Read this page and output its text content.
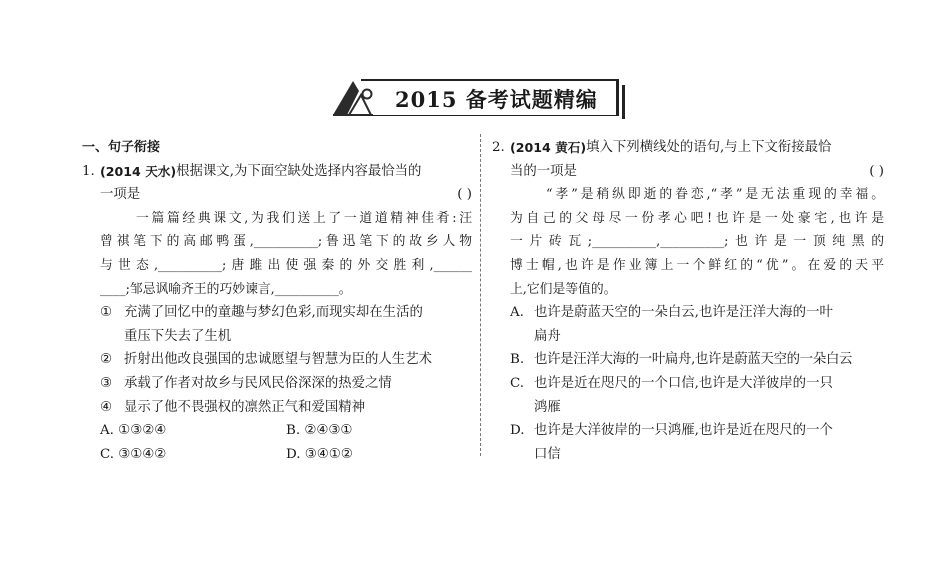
2015 备考试题精编
一、句子衔接
1. (2014 天水) 根据课文,为下面空缺处选择内容最恰当的
一项是	( )
一篇篇经典课文,为我们送上了一道道精神佳肴:汪
曾祺笔下的高邮鸭蛋,__________;鲁迅笔下的故乡人物
与世态,__________;唐雎出使强秦的外交胜利,______
____;邹忌讽喻齐王的巧妙谏言,__________。
① 充满了回忆中的童趣与梦幻色彩,而现实却在生活的
重压下失去了生机
② 折射出他改良强国的忠诚愿望与智慧为臣的人生艺术
③ 承载了作者对故乡与民风民俗深深的热爱之情
④ 显示了他不畏强权的凛然正气和爱国精神
A. ①③②④	B. ②④③①
C. ③①④②	D. ③④①②
2. (2014 黄石) 填入下列横线处的语句,与上下文衔接最恰
当的一项是	( )
“孝”是稍纵即逝的眷恋,“孝”是无法重现的幸福。
为自己的父母尽一份孝心吧!也许是一处豪宅,也许是
一片砖瓦;__________,__________;也许是一顶纯黑的
博士帽,也许是作业簿上一个鲜红的“优”。在爱的天平
上,它们是等值的。
A. 也许是蔚蓝天空的一朵白云,也许是汪洋大海的一叶
扁舟
B. 也许是汪洋大海的一叶扁舟,也许是蔚蓝天空的一朵白云
C. 也许是近在咫尺的一个口信,也许是大洋彼岸的一只
鸿雁
D. 也许是大洋彼岸的一只鸿雁,也许是近在咫尺的一个
口信
